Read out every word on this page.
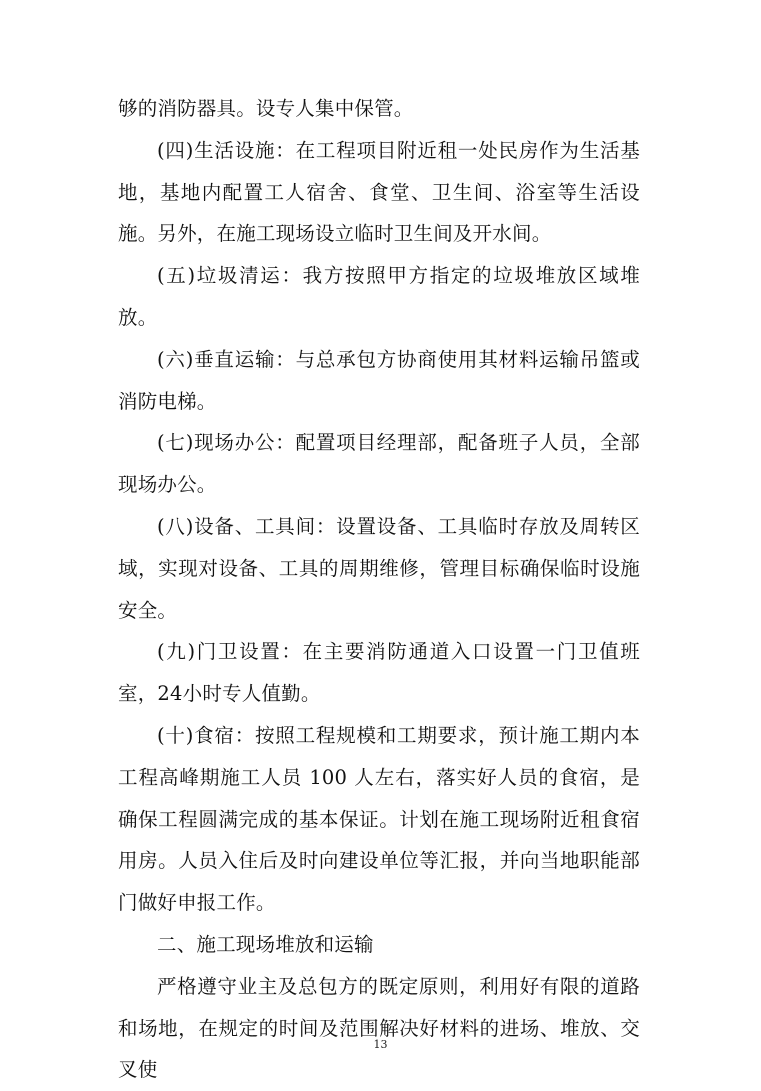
够的消防器具。设专人集中保管。

(四)生活设施：在工程项目附近租一处民房作为生活基地，基地内配置工人宿舍、食堂、卫生间、浴室等生活设施。另外，在施工现场设立临时卫生间及开水间。

(五)垃圾清运：我方按照甲方指定的垃圾堆放区域堆放。

(六)垂直运输：与总承包方协商使用其材料运输吊篮或消防电梯。

(七)现场办公：配置项目经理部，配备班子人员，全部现场办公。

(八)设备、工具间：设置设备、工具临时存放及周转区域，实现对设备、工具的周期维修，管理目标确保临时设施安全。

(九)门卫设置：在主要消防通道入口设置一门卫值班室，24小时专人值勤。

(十)食宿：按照工程规模和工期要求，预计施工期内本工程高峰期施工人员 100 人左右，落实好人员的食宿，是确保工程圆满完成的基本保证。计划在施工现场附近租食宿用房。人员入住后及时向建设单位等汇报，并向当地职能部门做好申报工作。

二、施工现场堆放和运输

严格遵守业主及总包方的既定原则，利用好有限的道路和场地，在规定的时间及范围解决好材料的进场、堆放、交叉使

13
